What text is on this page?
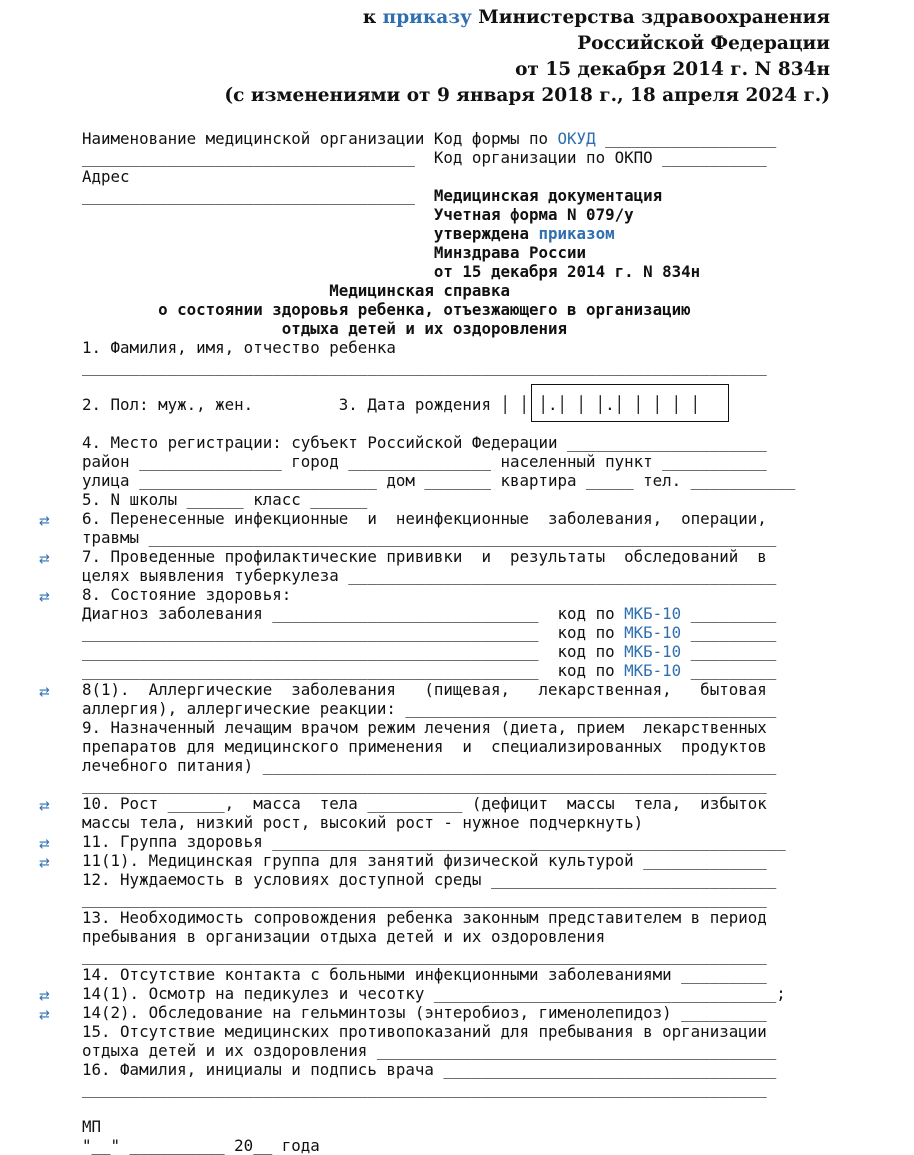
к приказу Министерства здравоохранения
Российской Федерации
от 15 декабря 2014 г. N 834н
(с изменениями от 9 января 2018 г., 18 апреля 2024 г.)
Наименование медицинской организации Код формы по ОКУД __________________
___________________________________  Код организации по ОКПО ___________
Адрес
___________________________________  Медицинская документация
Учетная форма N 079/у
утверждена приказом
Минздрава России
от 15 декабря 2014 г. N 834н
Медицинская справка
о состоянии здоровья ребенка, отъезжающего в организацию
отдыха детей и их оздоровления
1. Фамилия, имя, отчество ребенка
________________________________________________________________________

2. Пол: муж., жен.         3. Дата рождения │ │ │.│ │ │.│ │ │ │ │

4. Место регистрации: субъект Российской Федерации _____________________
район _______________ город _______________ населенный пункт ___________
улица _________________________ дом _______ квартира _____ тел. ___________
5. N школы ______ класс ______
6. Перенесенные инфекционные  и  неинфекционные  заболевания,  операции,
травмы __________________________________________________________________
7. Проведенные профилактические прививки  и  результаты  обследований  в
целях выявления туберкулеза _____________________________________________
8. Состояние здоровья:
Диагноз заболевания ____________________________  код по МКБ-10 _________
________________________________________________  код по МКБ-10 _________
________________________________________________  код по МКБ-10 _________
________________________________________________  код по МКБ-10 _________
8(1).  Аллергические  заболевания   (пищевая,   лекарственная,   бытовая
аллергия), аллергические реакции: _______________________________________
9. Назначенный лечащим врачом режим лечения (диета, прием  лекарственных
препаратов для медицинского применения  и  специализированных  продуктов
лечебного питания) ______________________________________________________
________________________________________________________________________
10. Рост ______,  масса  тела __________ (дефицит  массы  тела,  избыток
массы тела, низкий рост, высокий рост - нужное подчеркнуть)
11. Группа здоровья ______________________________________________________
11(1). Медицинская группа для занятий физической культурой _____________
12. Нуждаемость в условиях доступной среды ______________________________
________________________________________________________________________
13. Необходимость сопровождения ребенка законным представителем в период
пребывания в организации отдыха детей и их оздоровления
________________________________________________________________________
14. Отсутствие контакта с больными инфекционными заболеваниями _________
14(1). Осмотр на педикулез и чесотку ____________________________________;
14(2). Обследование на гельминтозы (энтеробиоз, гименолепидоз) _________
15. Отсутствие медицинских противопоказаний для пребывания в организации
отдыха детей и их оздоровления __________________________________________
16. Фамилия, инициалы и подпись врача ___________________________________
________________________________________________________________________

МП
"__" __________ 20__ года
⇄
⇄
⇄
⇄
⇄
⇄
⇄
⇄
⇄
